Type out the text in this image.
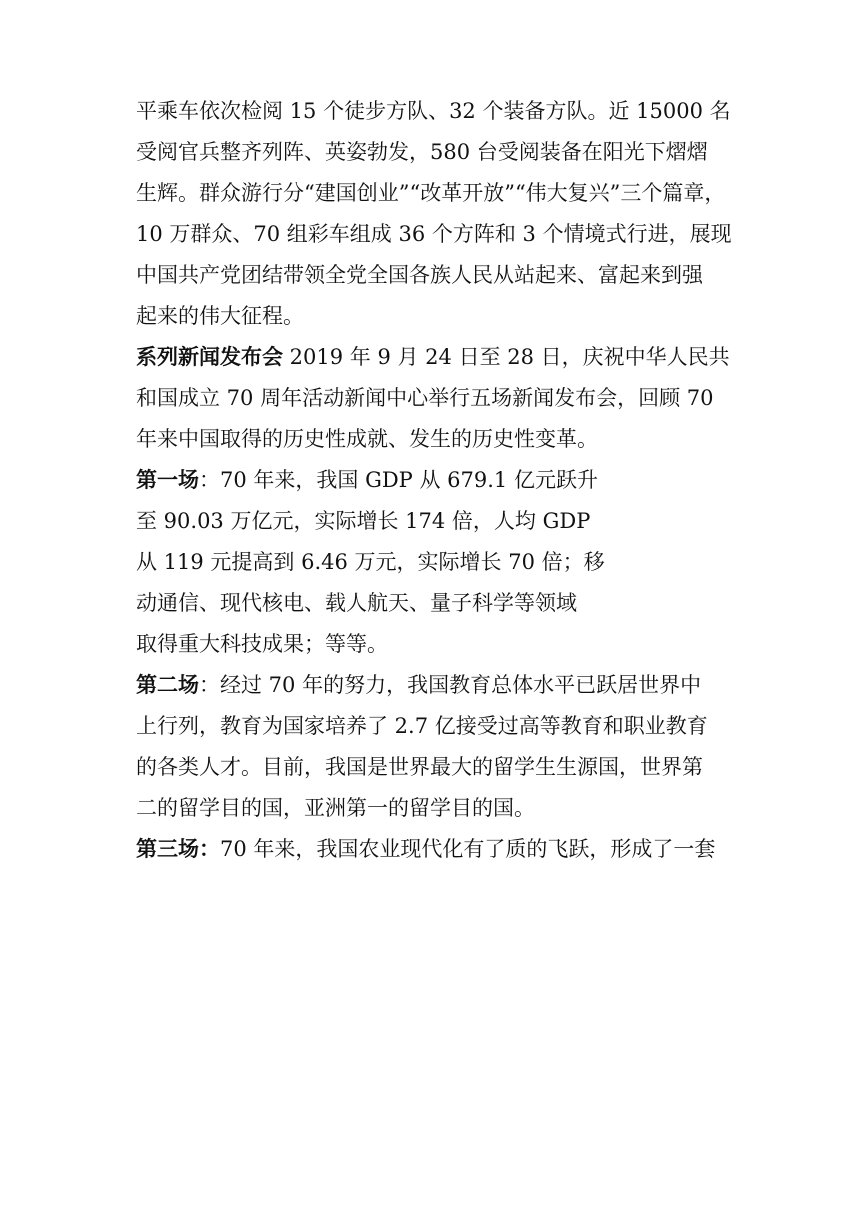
平乘车依次检阅 15 个徒步方队、32 个装备方队。近 15000 名
受阅官兵整齐列阵、英姿勃发，580 台受阅装备在阳光下熠熠
生辉。群众游行分“建国创业”“改革开放”“伟大复兴”三个篇章，
10 万群众、70 组彩车组成 36 个方阵和 3 个情境式行进，展现
中国共产党团结带领全党全国各族人民从站起来、富起来到强
起来的伟大征程。
系列新闻发布会 2019 年 9 月 24 日至 28 日，庆祝中华人民共
和国成立 70 周年活动新闻中心举行五场新闻发布会，回顾 70
年来中国取得的历史性成就、发生的历史性变革。
第一场：70 年来，我国 GDP 从 679.1 亿元跃升
至 90.03 万亿元，实际增长 174 倍，人均 GDP
从 119 元提高到 6.46 万元，实际增长 70 倍；移
动通信、现代核电、载人航天、量子科学等领域
取得重大科技成果；等等。
第二场：经过 70 年的努力，我国教育总体水平已跃居世界中
上行列，教育为国家培养了 2.7 亿接受过高等教育和职业教育
的各类人才。目前，我国是世界最大的留学生生源国，世界第
二的留学目的国，亚洲第一的留学目的国。
第三场：70 年来，我国农业现代化有了质的飞跃，形成了一套
